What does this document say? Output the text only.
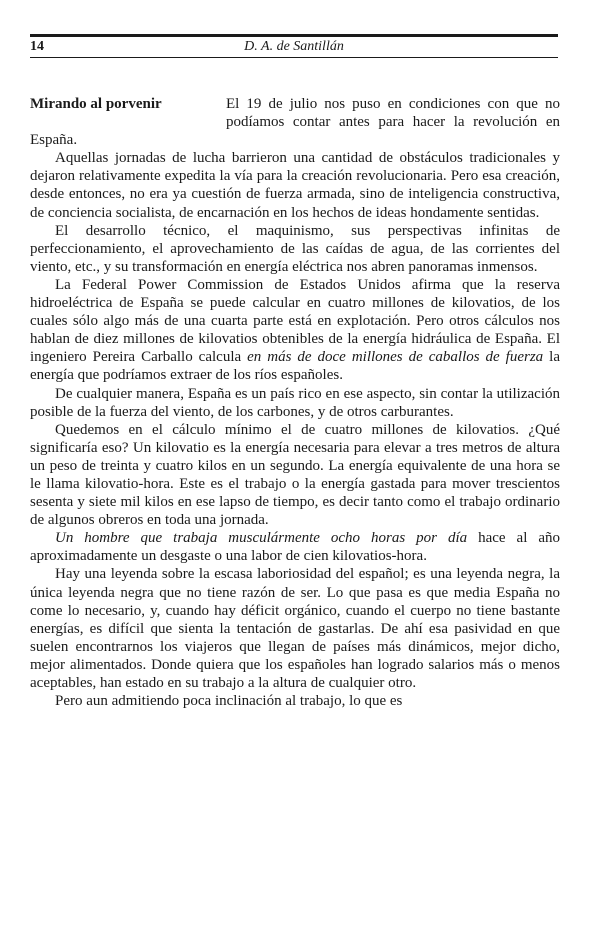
14	D. A. de Santillán
Mirando al porvenir	El 19 de julio nos puso en condiciones con que no podíamos contar antes para hacer la revolución en España.

Aquellas jornadas de lucha barrieron una cantidad de obstáculos tradicionales y dejaron relativamente expedita la vía para la creación revolucionaria. Pero esa creación, desde entonces, no era ya cuestión de fuerza armada, sino de inteligencia constructiva, de conciencia socialista, de encarnación en los hechos de ideas hondamente sentidas.

El desarrollo técnico, el maquinismo, sus perspectivas infinitas de perfeccionamiento, el aprovechamiento de las caídas de agua, de las corrientes del viento, etc., y su transformación en energía eléctrica nos abren panoramas inmensos.

La Federal Power Commission de Estados Unidos afirma que la reserva hidroeléctrica de España se puede calcular en cuatro millones de kilovatios, de los cuales sólo algo más de una cuarta parte está en explotación. Pero otros cálculos nos hablan de diez millones de kilovatios obtenibles de la energía hidráulica de España. El ingeniero Pereira Carballo calcula en más de doce millones de caballos de fuerza la energía que podríamos extraer de los ríos españoles.

De cualquier manera, España es un país rico en ese aspecto, sin contar la utilización posible de la fuerza del viento, de los carbones, y de otros carburantes.

Quedemos en el cálculo mínimo el de cuatro millones de kilovatios. ¿Qué significaría eso? Un kilovatio es la energía necesaria para elevar a tres metros de altura un peso de treinta y cuatro kilos en un segundo. La energía equivalente de una hora se le llama kilovatio-hora. Este es el trabajo o la energía gastada para mover trescientos sesenta y siete mil kilos en ese lapso de tiempo, es decir tanto como el trabajo ordinario de algunos obreros en toda una jornada.

Un hombre que trabaja musculármente ocho horas por día hace al año aproximadamente un desgaste o una labor de cien kilovatios-hora.

Hay una leyenda sobre la escasa laboriosidad del español; es una leyenda negra, la única leyenda negra que no tiene razón de ser. Lo que pasa es que media España no come lo necesario, y, cuando hay déficit orgánico, cuando el cuerpo no tiene bastante energías, es difícil que sienta la tentación de gastarlas. De ahí esa pasividad en que suelen encontrarnos los viajeros que llegan de países más dinámicos, mejor dicho, mejor alimentados. Donde quiera que los españoles han logrado salarios más o menos aceptables, han estado en su trabajo a la altura de cualquier otro.

Pero aun admitiendo poca inclinación al trabajo, lo que es
